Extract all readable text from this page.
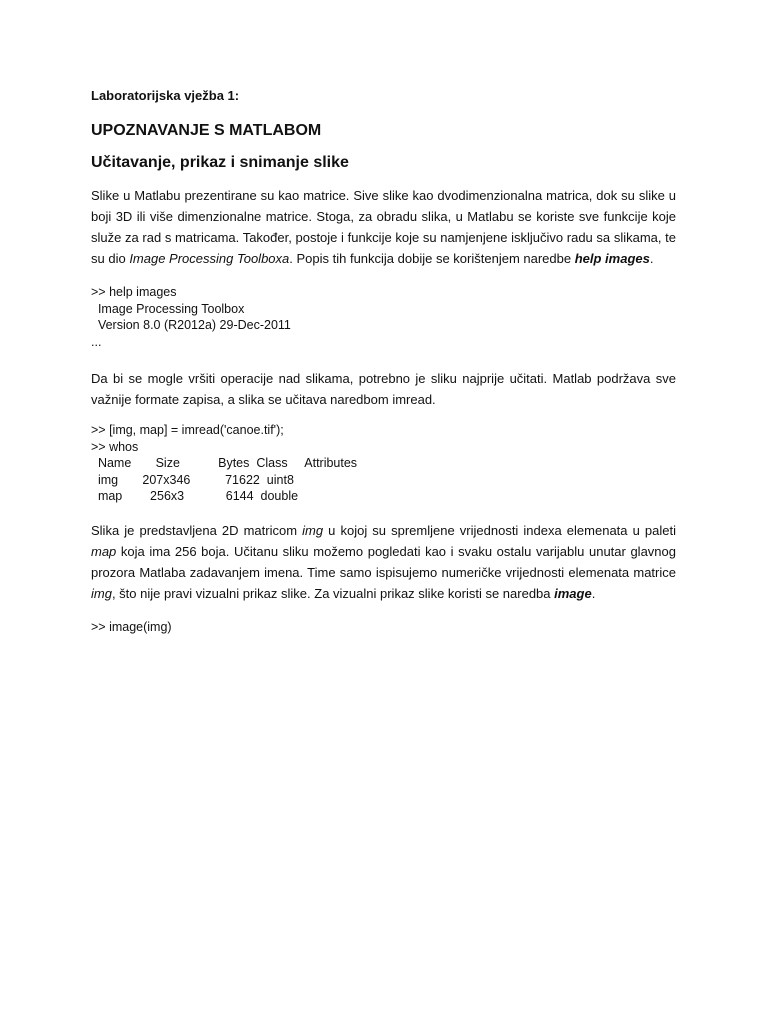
Laboratorijska vježba 1:
UPOZNAVANJE S MATLABOM
Učitavanje, prikaz i snimanje slike

Slike u Matlabu prezentirane su kao matrice. Sive slike kao dvodimenzionalna matrica, dok su slike u boji 3D ili više dimenzionalne matrice. Stoga, za obradu slika, u Matlabu se koriste sve funkcije koje služe za rad s matricama. Također, postoje i funkcije koje su namjenjene isključivo radu sa slikama, te su dio Image Processing Toolboxa. Popis tih funkcija dobije se korištenjem naredbe help images.

>> help images
Image Processing Toolbox
Version 8.0 (R2012a) 29-Dec-2011
...

Da bi se mogle vršiti operacije nad slikama, potrebno je sliku najprije učitati. Matlab podržava sve važnije formate zapisa, a slika se učitava naredbom imread.

>> [img, map] = imread('canoe.tif');
>> whos
Name       Size           Bytes  Class     Attributes
img       207x346          71622  uint8
map        256x3            6144  double

Slika je predstavljena 2D matricom img u kojoj su spremljene vrijednosti indexa elemenata u paleti map koja ima 256 boja. Učitanu sliku možemo pogledati kao i svaku ostalu varijablu unutar glavnog prozora Matlaba zadavanjem imena. Time samo ispisujemo numeričke vrijednosti elemenata matrice img, što nije pravi vizualni prikaz slike. Za vizualni prikaz slike koristi se naredba image.

>> image(img)
